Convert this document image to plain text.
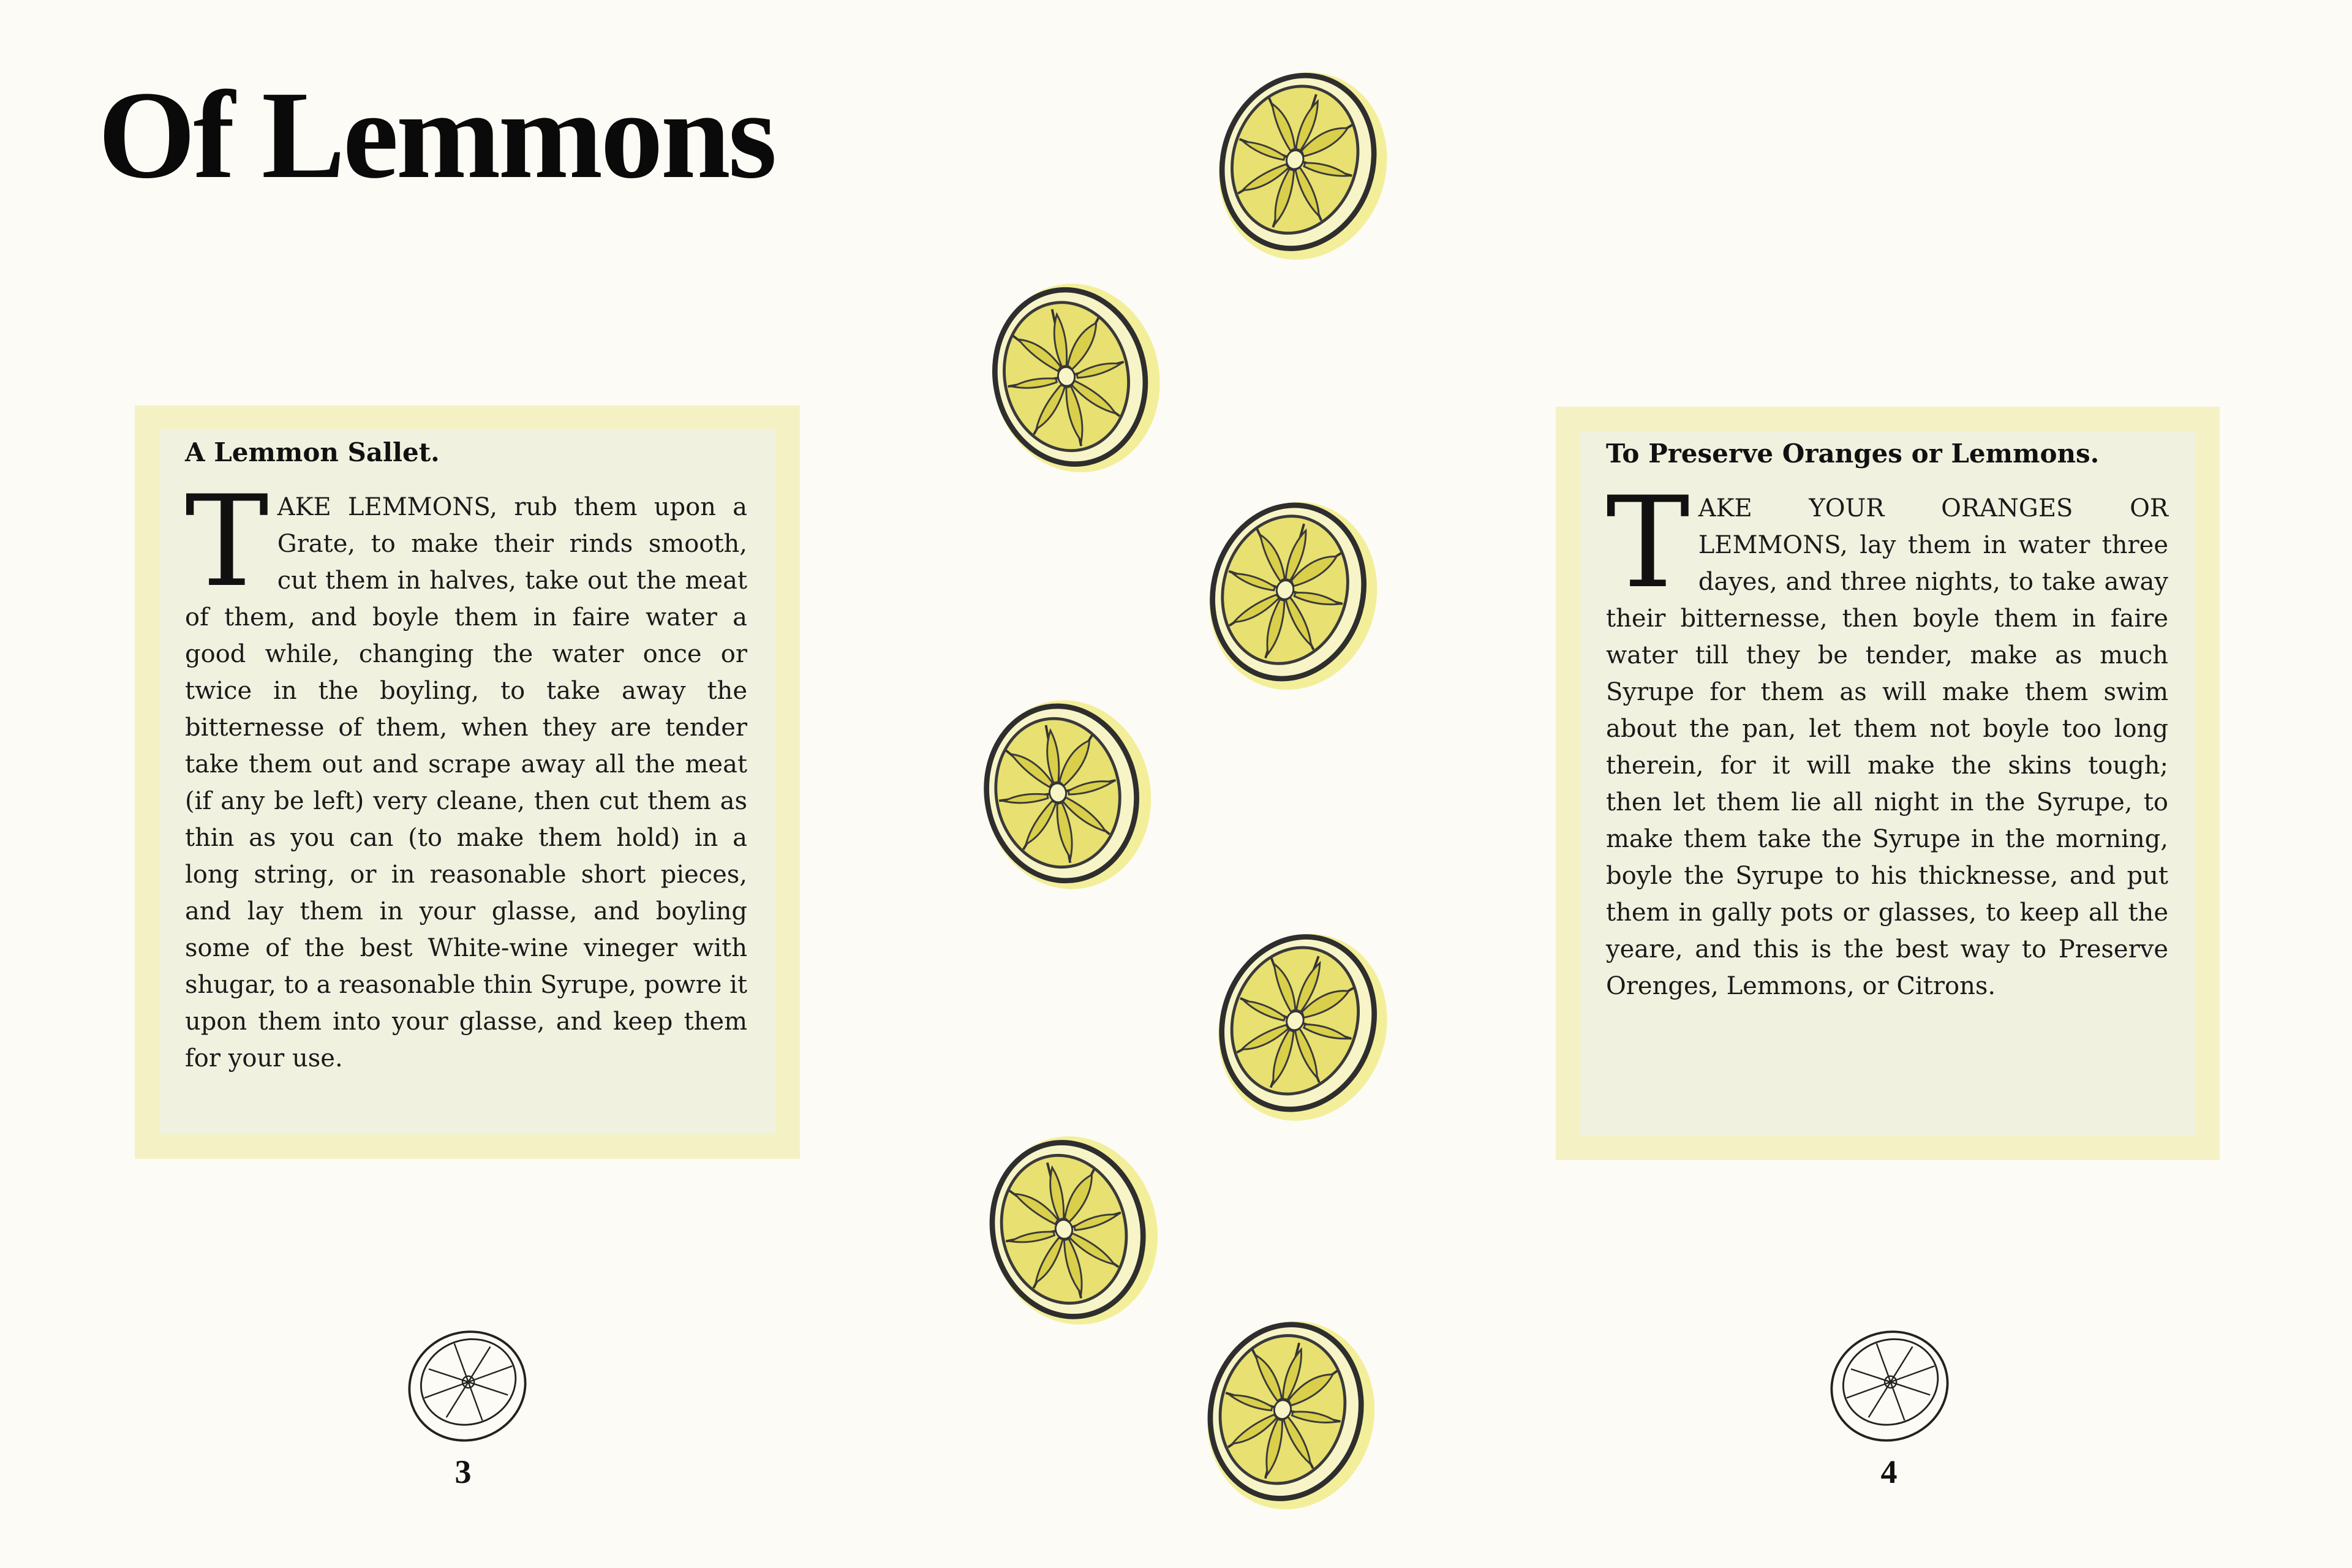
Of Lemmons
A Lemmon Sallet.

TAKE LEMMONS, rub them upon a Grate, to make their rinds smooth, cut them in halves, take out the meat of them, and boyle them in faire water a good while, changing the water once or twice in the boyling, to take away the bitternesse of them, when they are tender take them out and scrape away all the meat (if any be left) very cleane, then cut them as thin as you can (to make them hold) in a long string, or in reasonable short pieces, and lay them in your glasse, and boyling some of the best White-wine vineger with shugar, to a reasonable thin Syrupe, powre it upon them into your glasse, and keep them for your use.

To Preserve Oranges or Lemmons.

TAKE YOUR ORANGES OR LEMMONS, lay them in water three dayes, and three nights, to take away their bitternesse, then boyle them in faire water till they be tender, make as much Syrupe for them as will make them swim about the pan, let them not boyle too long therein, for it will make the skins tough; then let them lie all night in the Syrupe, to make them take the Syrupe in the morning, boyle the Syrupe to his thicknesse, and put them in gally pots or glasses, to keep all the yeare, and this is the best way to Preserve Orenges, Lemmons, or Citrons.

3	4
